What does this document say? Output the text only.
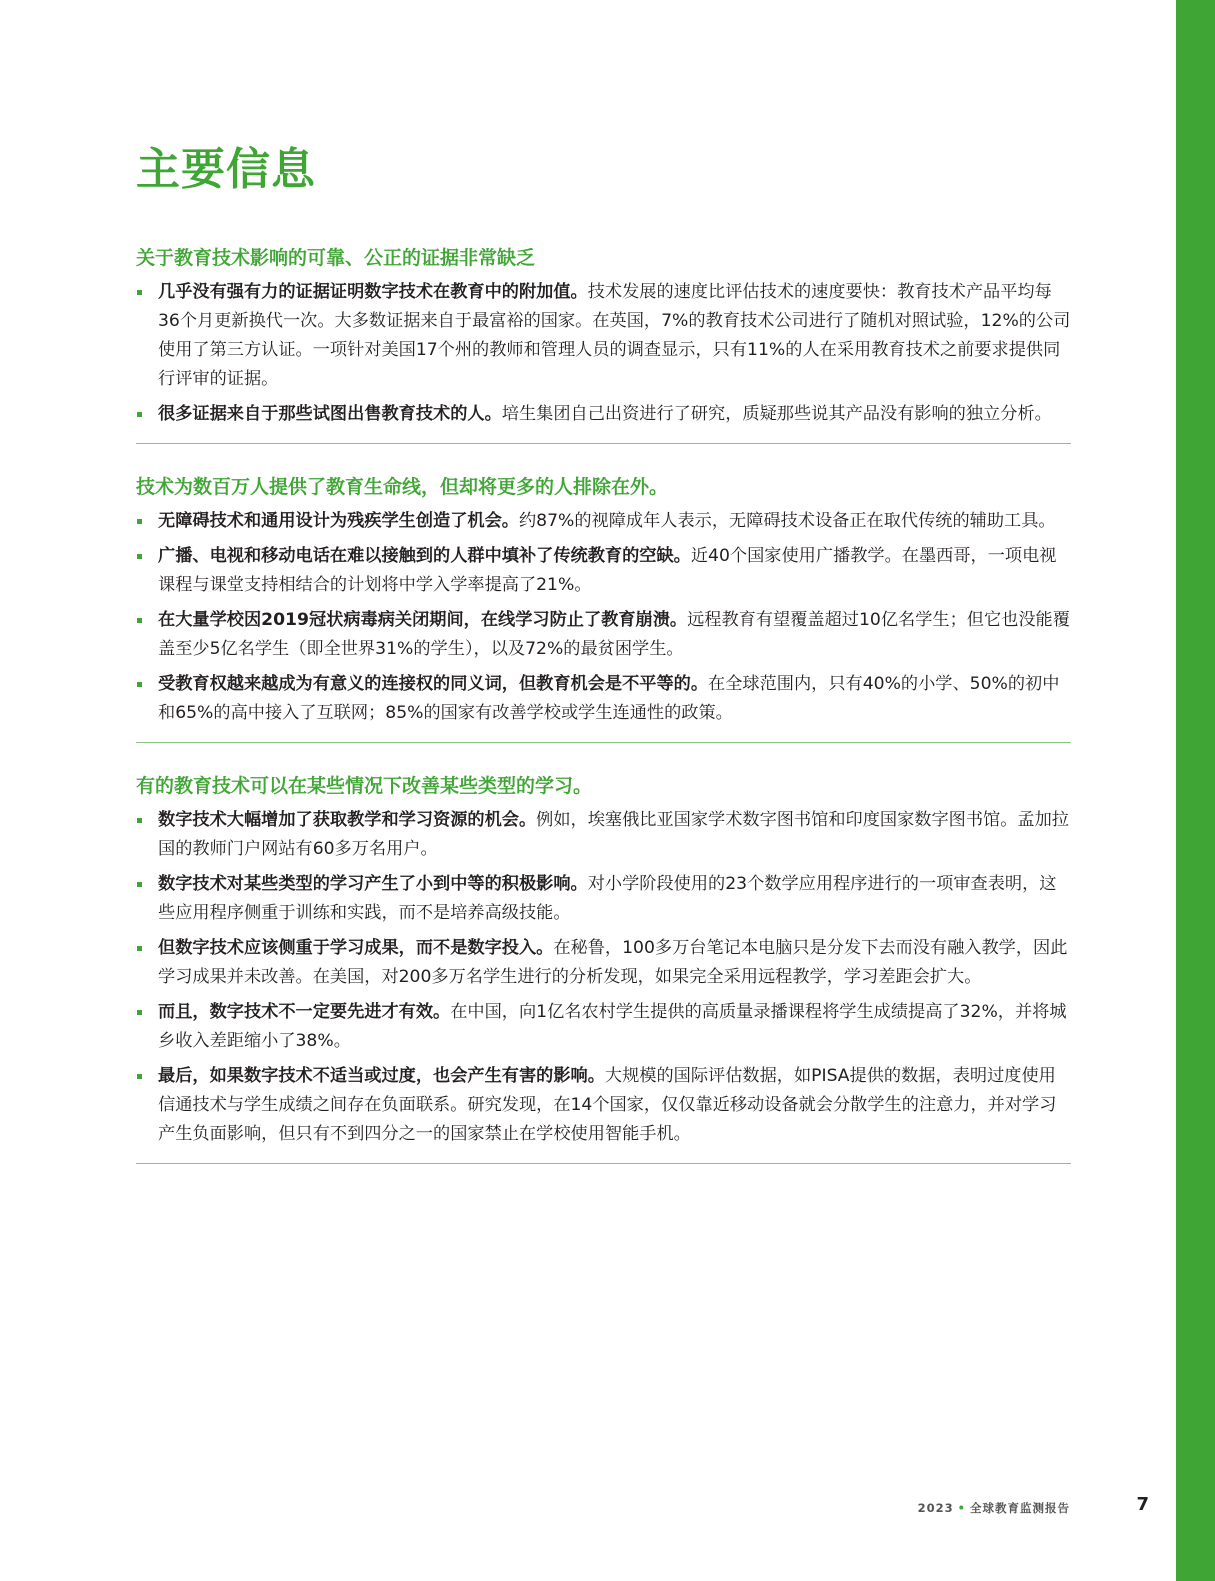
主要信息
关于教育技术影响的可靠、公正的证据非常缺乏
几乎没有强有力的证据证明数字技术在教育中的附加值。技术发展的速度比评估技术的速度要快：教育技术产品平均每36个月更新换代一次。大多数证据来自于最富裕的国家。在英国，7%的教育技术公司进行了随机对照试验，12%的公司使用了第三方认证。一项针对美国17个州的教师和管理人员的调查显示，只有11%的人在采用教育技术之前要求提供同行评审的证据。
很多证据来自于那些试图出售教育技术的人。培生集团自己出资进行了研究，质疑那些说其产品没有影响的独立分析。
技术为数百万人提供了教育生命线，但却将更多的人排除在外。
无障碍技术和通用设计为残疾学生创造了机会。约87%的视障成年人表示，无障碍技术设备正在取代传统的辅助工具。
广播、电视和移动电话在难以接触到的人群中填补了传统教育的空缺。近40个国家使用广播教学。在墨西哥，一项电视课程与课堂支持相结合的计划将中学入学率提高了21%。
在大量学校因2019冠状病毒病关闭期间，在线学习防止了教育崩溃。远程教育有望覆盖超过10亿名学生；但它也没能覆盖至少5亿名学生（即全世界31%的学生），以及72%的最贫困学生。
受教育权越来越成为有意义的连接权的同义词，但教育机会是不平等的。在全球范围内，只有40%的小学、50%的初中和65%的高中接入了互联网；85%的国家有改善学校或学生连通性的政策。
有的教育技术可以在某些情况下改善某些类型的学习。
数字技术大幅增加了获取教学和学习资源的机会。例如，埃塞俄比亚国家学术数字图书馆和印度国家数字图书馆。孟加拉国的教师门户网站有60多万名用户。
数字技术对某些类型的学习产生了小到中等的积极影响。对小学阶段使用的23个数学应用程序进行的一项审查表明，这些应用程序侧重于训练和实践，而不是培养高级技能。
但数字技术应该侧重于学习成果，而不是数字投入。在秘鲁，100多万台笔记本电脑只是分发下去而没有融入教学，因此学习成果并未改善。在美国，对200多万名学生进行的分析发现，如果完全采用远程教学，学习差距会扩大。
而且，数字技术不一定要先进才有效。在中国，向1亿名农村学生提供的高质量录播课程将学生成绩提高了32%，并将城乡收入差距缩小了38%。
最后，如果数字技术不适当或过度，也会产生有害的影响。大规模的国际评估数据，如PISA提供的数据，表明过度使用信通技术与学生成绩之间存在负面联系。研究发现，在14个国家，仅仅靠近移动设备就会分散学生的注意力，并对学习产生负面影响，但只有不到四分之一的国家禁止在学校使用智能手机。
2023 • 全球教育监测报告	7
